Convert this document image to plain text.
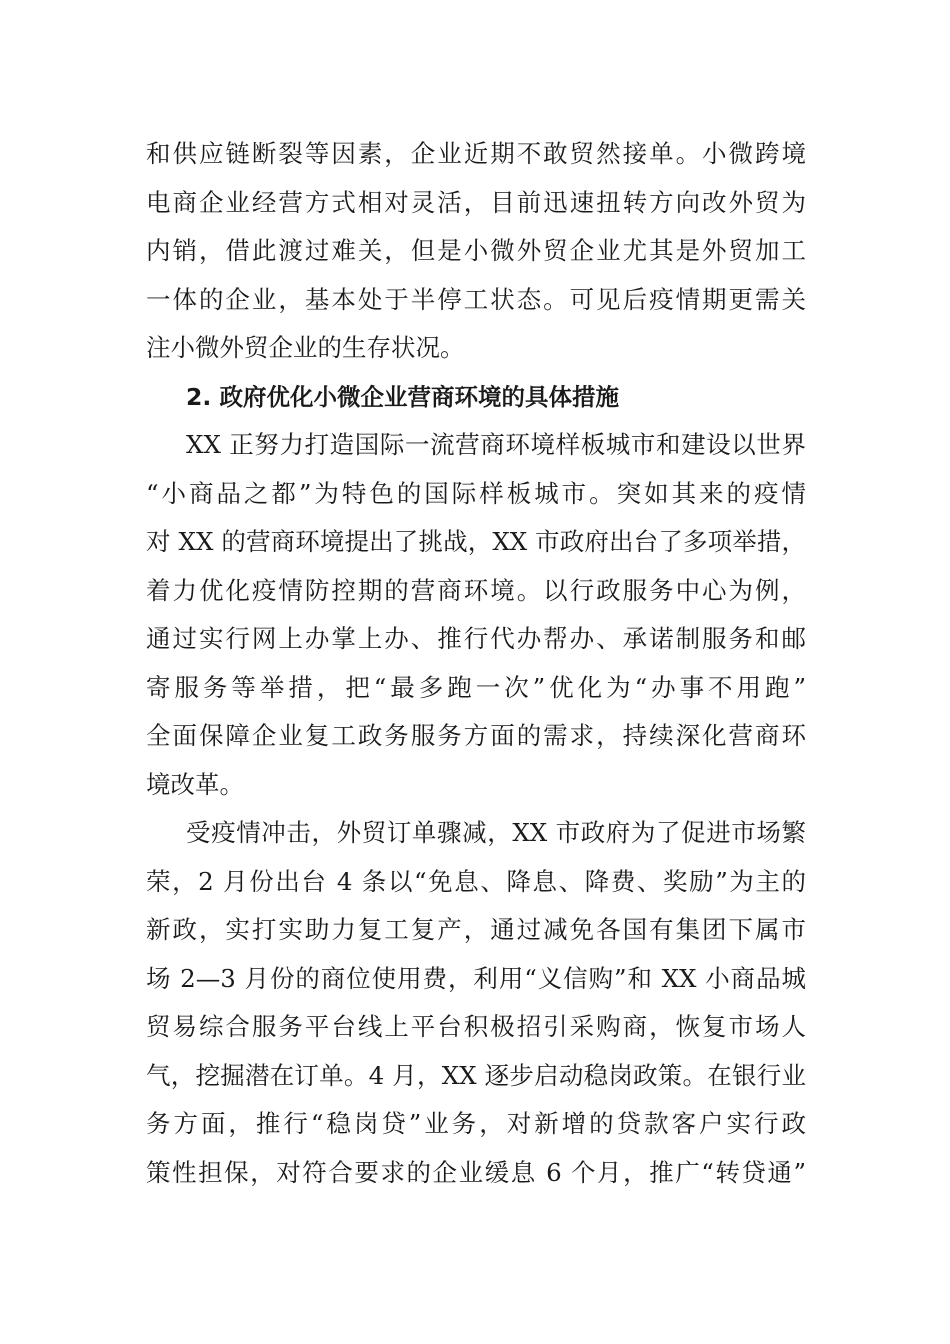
和供应链断裂等因素，企业近期不敢贸然接单。小微跨境
电商企业经营方式相对灵活，目前迅速扭转方向改外贸为
内销，借此渡过难关，但是小微外贸企业尤其是外贸加工
一体的企业，基本处于半停工状态。可见后疫情期更需关
注小微外贸企业的生存状况。
2. 政府优化小微企业营商环境的具体措施
XX 正努力打造国际一流营商环境样板城市和建设以世界
“小商品之都”为特色的国际样板城市。突如其来的疫情
对 XX 的营商环境提出了挑战，XX 市政府出台了多项举措，
着力优化疫情防控期的营商环境。以行政服务中心为例，
通过实行网上办掌上办、推行代办帮办、承诺制服务和邮
寄服务等举措，把“最多跑一次”优化为“办事不用跑”
全面保障企业复工政务服务方面的需求，持续深化营商环
境改革。
受疫情冲击，外贸订单骤减，XX 市政府为了促进市场繁
荣，2 月份出台 4 条以“免息、降息、降费、奖励”为主的
新政，实打实助力复工复产，通过减免各国有集团下属市
场 2—3 月份的商位使用费，利用“义信购”和 XX 小商品城
贸易综合服务平台线上平台积极招引采购商，恢复市场人
气，挖掘潜在订单。4 月，XX 逐步启动稳岗政策。在银行业
务方面，推行“稳岗贷”业务，对新增的贷款客户实行政
策性担保，对符合要求的企业缓息 6 个月，推广“转贷通”
